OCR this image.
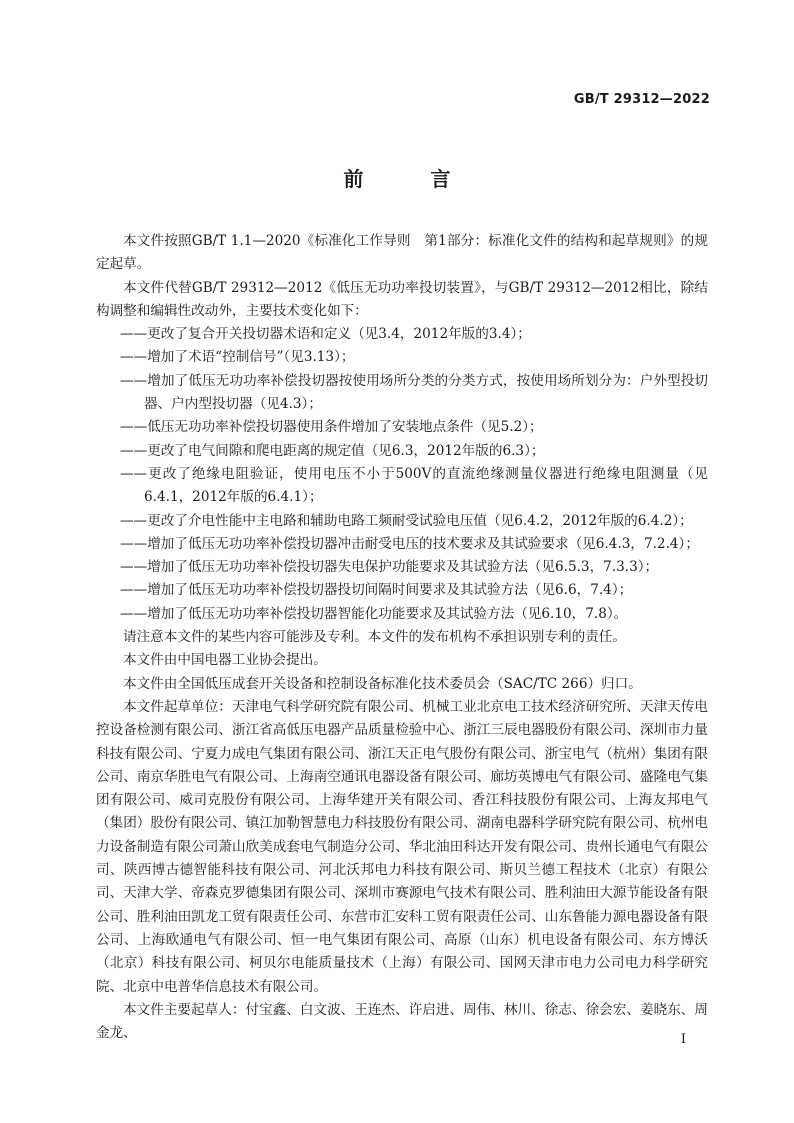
GB/T 29312—2022
前 言

本文件按照GB/T 1.1—2020《标准化工作导则　第1部分：标准化文件的结构和起草规则》的规定起草。

本文件代替GB/T 29312—2012《低压无功功率投切装置》，与GB/T 29312—2012相比，除结构调整和编辑性改动外，主要技术变化如下：

——更改了复合开关投切器术语和定义（见3.4，2012年版的3.4）；

——增加了术语“控制信号”（见3.13）；

——增加了低压无功功率补偿投切器按使用场所分类的分类方式，按使用场所划分为：户外型投切器、户内型投切器（见4.3）；

——低压无功功率补偿投切器使用条件增加了安装地点条件（见5.2）；

——更改了电气间隙和爬电距离的规定值（见6.3，2012年版的6.3）；

——更改了绝缘电阻验证，使用电压不小于500V的直流绝缘测量仪器进行绝缘电阻测量（见6.4.1，2012年版的6.4.1）；

——更改了介电性能中主电路和辅助电路工频耐受试验电压值（见6.4.2，2012年版的6.4.2）；

——增加了低压无功功率补偿投切器冲击耐受电压的技术要求及其试验要求（见6.4.3，7.2.4）；

——增加了低压无功功率补偿投切器失电保护功能要求及其试验方法（见6.5.3，7.3.3）；

——增加了低压无功功率补偿投切器投切间隔时间要求及其试验方法（见6.6，7.4）；

——增加了低压无功功率补偿投切器智能化功能要求及其试验方法（见6.10，7.8）。

请注意本文件的某些内容可能涉及专利。本文件的发布机构不承担识别专利的责任。

本文件由中国电器工业协会提出。

本文件由全国低压成套开关设备和控制设备标准化技术委员会（SAC/TC 266）归口。

本文件起草单位：天津电气科学研究院有限公司、机械工业北京电工技术经济研究所、天津天传电控设备检测有限公司、浙江省高低压电器产品质量检验中心、浙江三辰电器股份有限公司、深圳市力量科技有限公司、宁夏力成电气集团有限公司、浙江天正电气股份有限公司、浙宝电气（杭州）集团有限公司、南京华胜电气有限公司、上海南空通讯电器设备有限公司、廊坊英博电气有限公司、盛隆电气集团有限公司、威司克股份有限公司、上海华建开关有限公司、香江科技股份有限公司、上海友邦电气（集团）股份有限公司、镇江加勒智慧电力科技股份有限公司、湖南电器科学研究院有限公司、杭州电力设备制造有限公司萧山欣美成套电气制造分公司、华北油田科达开发有限公司、贵州长通电气有限公司、陕西博古德智能科技有限公司、河北沃邦电力科技有限公司、斯贝兰德工程技术（北京）有限公司、天津大学、帝森克罗德集团有限公司、深圳市赛源电气技术有限公司、胜利油田大源节能设备有限公司、胜利油田凯龙工贸有限责任公司、东营市汇安科工贸有限责任公司、山东鲁能力源电器设备有限公司、上海欧通电气有限公司、恒一电气集团有限公司、高原（山东）机电设备有限公司、东方博沃（北京）科技有限公司、柯贝尔电能质量技术（上海）有限公司、国网天津市电力公司电力科学研究院、北京中电普华信息技术有限公司。

本文件主要起草人：付宝鑫、白文波、王连杰、许启进、周伟、林川、徐志、徐会宏、姜晓东、周金龙、	I
